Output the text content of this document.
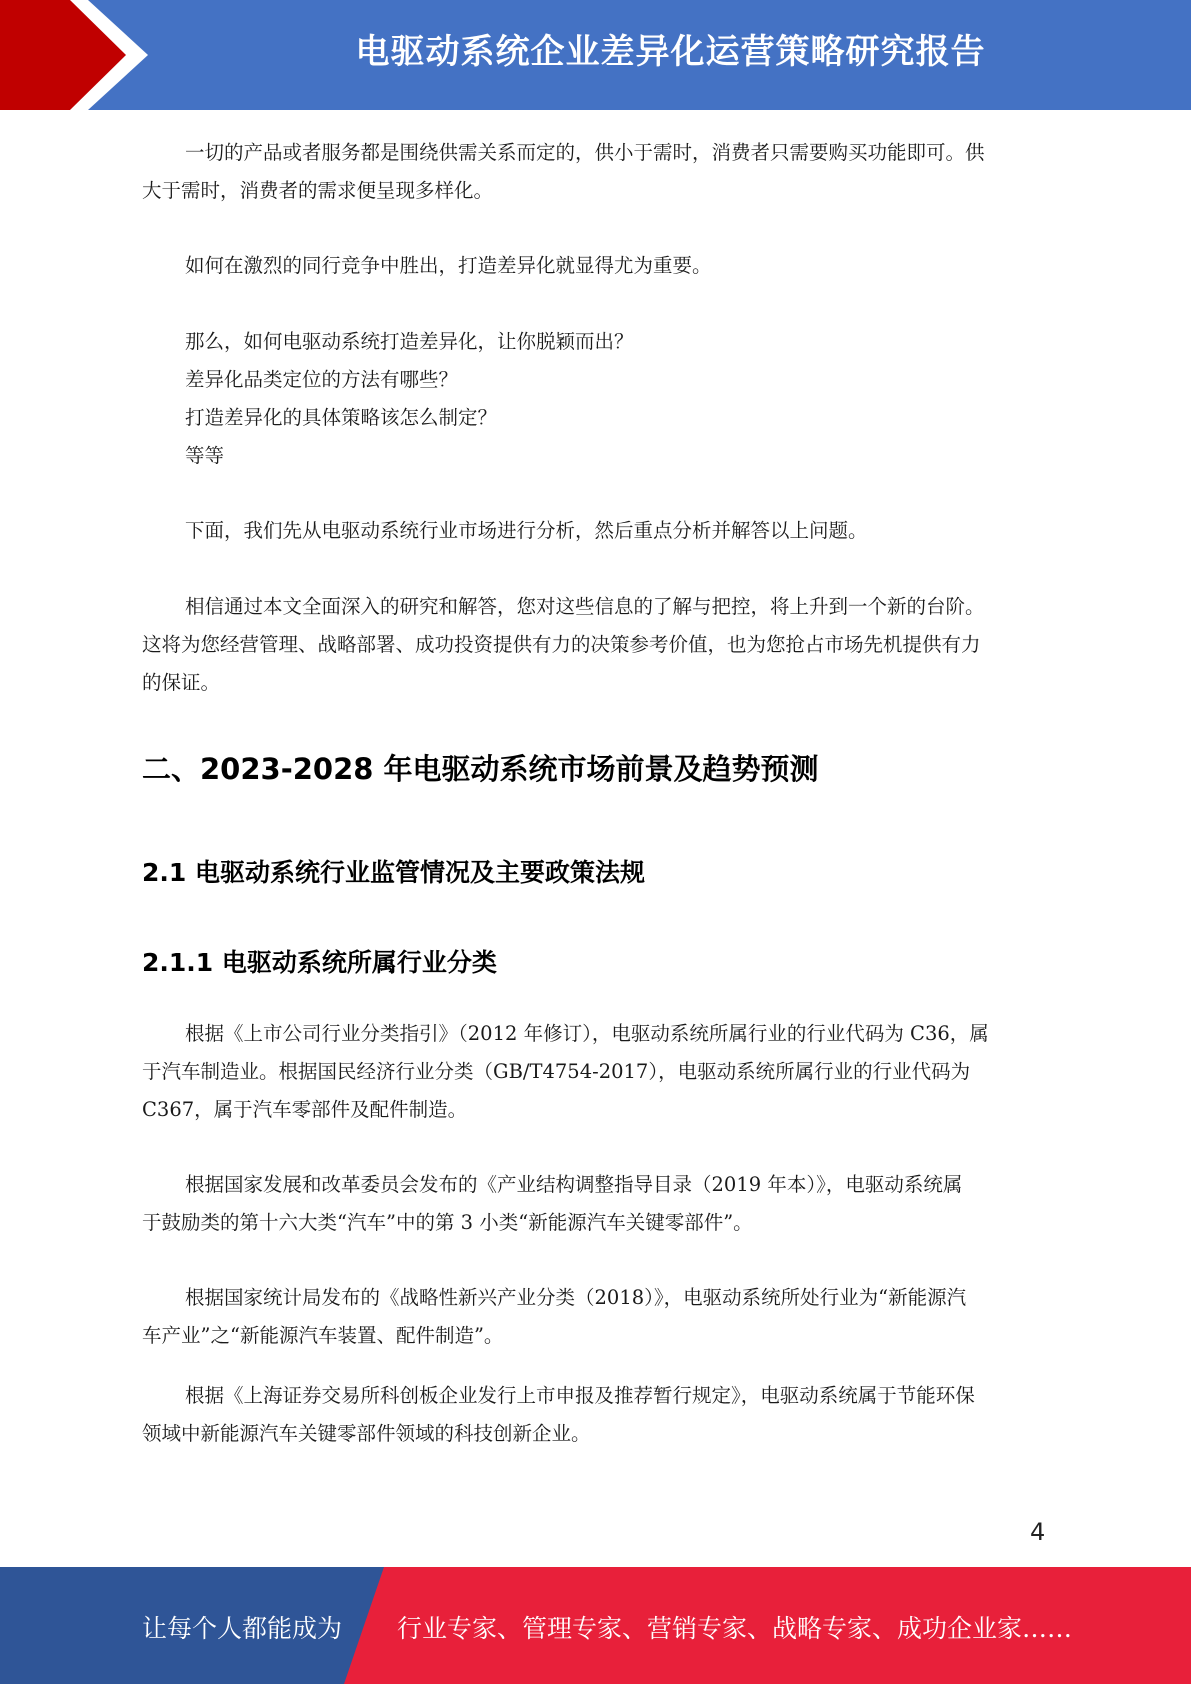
电驱动系统企业差异化运营策略研究报告

一切的产品或者服务都是围绕供需关系而定的，供小于需时，消费者只需要购买功能即可。供

大于需时，消费者的需求便呈现多样化。

如何在激烈的同行竞争中胜出，打造差异化就显得尤为重要。

那么，如何电驱动系统打造差异化，让你脱颖而出？

差异化品类定位的方法有哪些？

打造差异化的具体策略该怎么制定？

等等

下面，我们先从电驱动系统行业市场进行分析，然后重点分析并解答以上问题。

相信通过本文全面深入的研究和解答，您对这些信息的了解与把控，将上升到一个新的台阶。

这将为您经营管理、战略部署、成功投资提供有力的决策参考价值，也为您抢占市场先机提供有力

的保证。

二、2023-2028 年电驱动系统市场前景及趋势预测
2.1 电驱动系统行业监管情况及主要政策法规
2.1.1 电驱动系统所属行业分类

根据《上市公司行业分类指引》（2012 年修订），电驱动系统所属行业的行业代码为 C36，属

于汽车制造业。根据国民经济行业分类（GB/T4754-2017），电驱动系统所属行业的行业代码为

C367，属于汽车零部件及配件制造。

根据国家发展和改革委员会发布的《产业结构调整指导目录（2019 年本）》，电驱动系统属

于鼓励类的第十六大类“汽车”中的第 3 小类“新能源汽车关键零部件”。

根据国家统计局发布的《战略性新兴产业分类（2018）》，电驱动系统所处行业为“新能源汽

车产业”之“新能源汽车装置、配件制造”。

根据《上海证券交易所科创板企业发行上市申报及推荐暂行规定》，电驱动系统属于节能环保

领域中新能源汽车关键零部件领域的科技创新企业。

4
让每个人都能成为 行业专家、管理专家、营销专家、战略专家、成功企业家……
